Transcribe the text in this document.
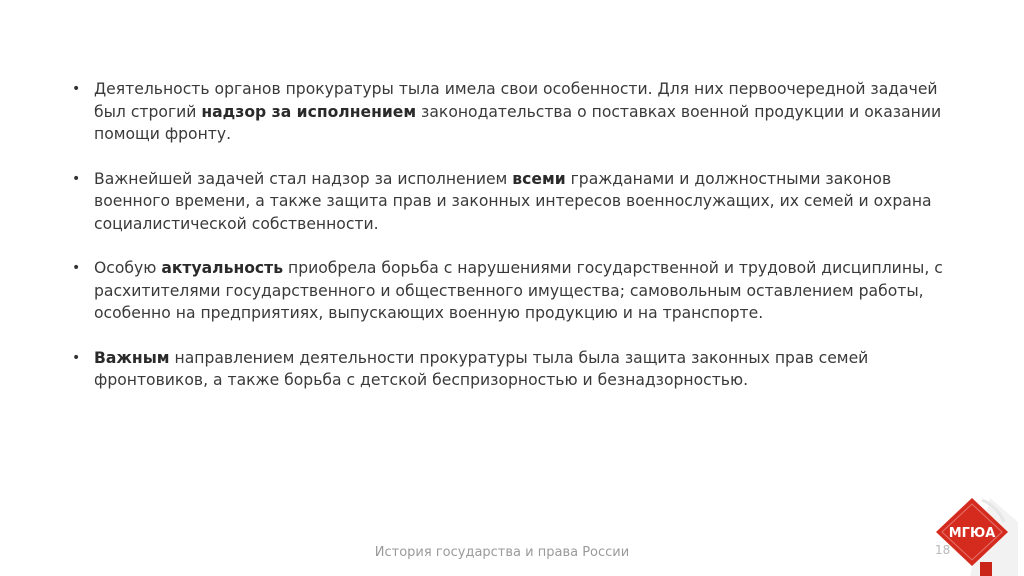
• Деятельность органов прокуратуры тыла имела свои особенности. Для них первоочередной задачей был строгий надзор за исполнением законодательства о поставках военной продукции и оказании помощи фронту.
• Важнейшей задачей стал надзор за исполнением всеми гражданами и должностными законов военного времени, а также защита прав и законных интересов военнослужащих, их семей и охрана социалистической собственности.
• Особую актуальность приобрела борьба с нарушениями государственной и трудовой дисциплины, с расхитителями государственного и общественного имущества; самовольным оставлением работы, особенно на предприятиях, выпускающих военную продукцию и на транспорте.
• Важным направлением деятельности прокуратуры тыла была защита законных прав семей фронтовиков, а также борьба с детской беспризорностью и безнадзорностью.
История государства и права России	18
МГЮА
